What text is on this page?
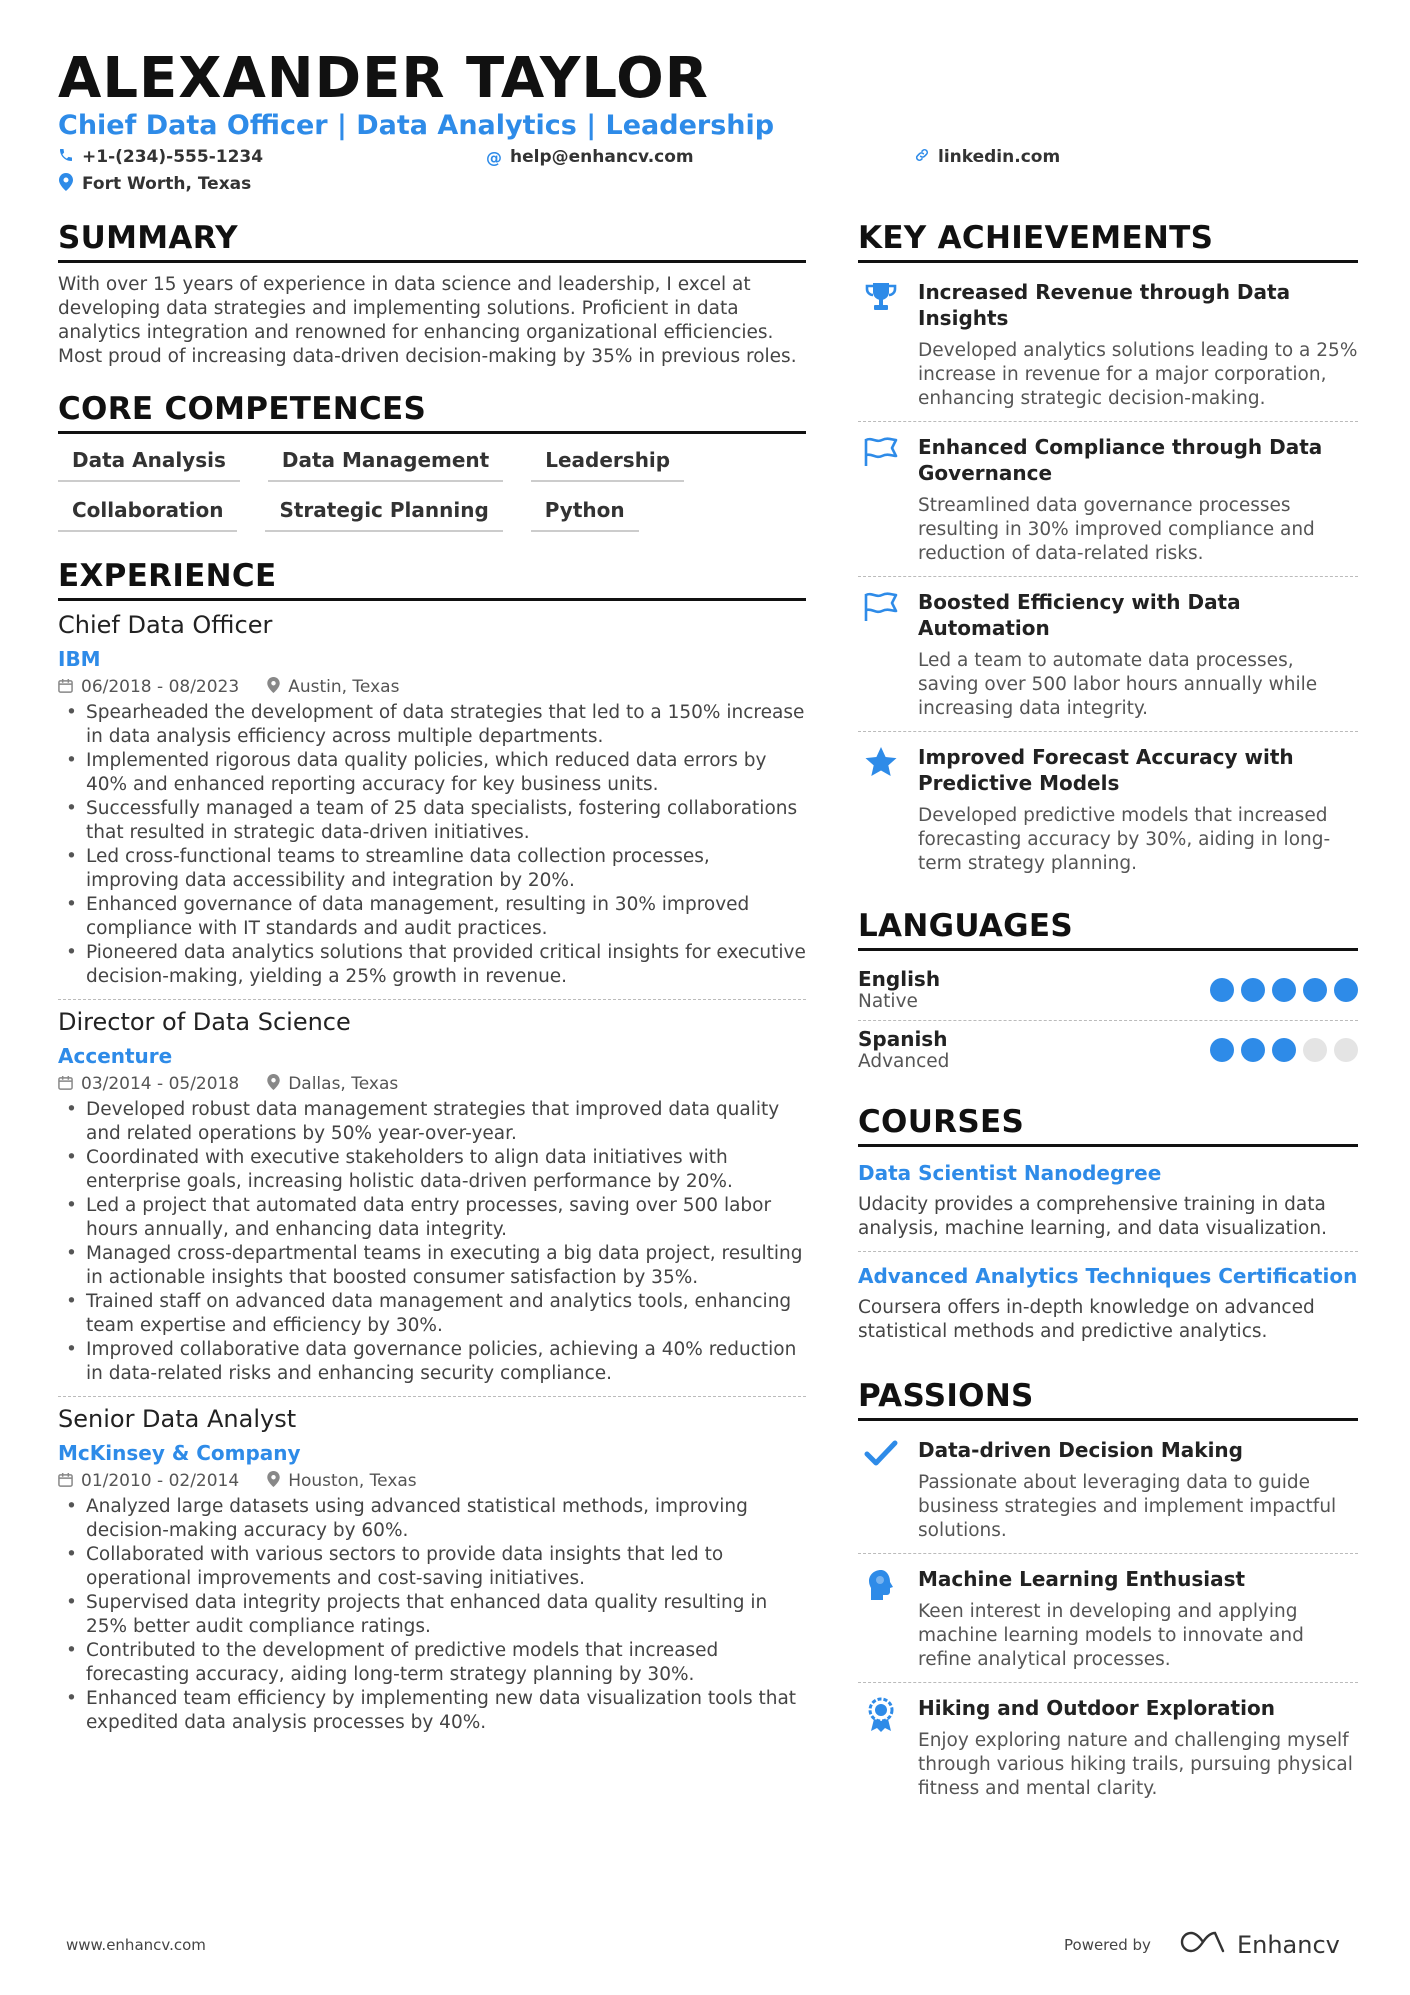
ALEXANDER TAYLOR
Chief Data Officer | Data Analytics | Leadership
+1-(234)-555-1234	@ help@enhancv.com	linkedin.com
Fort Worth, Texas
SUMMARY
With over 15 years of experience in data science and leadership, I excel at developing data strategies and implementing solutions. Proficient in data analytics integration and renowned for enhancing organizational efficiencies. Most proud of increasing data-driven decision-making by 35% in previous roles.
CORE COMPETENCES
Data Analysis	Data Management	Leadership
Collaboration	Strategic Planning	Python
EXPERIENCE
Chief Data Officer
IBM
06/2018 - 08/2023	Austin, Texas
• Spearheaded the development of data strategies that led to a 150% increase in data analysis efficiency across multiple departments.
• Implemented rigorous data quality policies, which reduced data errors by 40% and enhanced reporting accuracy for key business units.
• Successfully managed a team of 25 data specialists, fostering collaborations that resulted in strategic data-driven initiatives.
• Led cross-functional teams to streamline data collection processes, improving data accessibility and integration by 20%.
• Enhanced governance of data management, resulting in 30% improved compliance with IT standards and audit practices.
• Pioneered data analytics solutions that provided critical insights for executive decision-making, yielding a 25% growth in revenue.
Director of Data Science
Accenture
03/2014 - 05/2018	Dallas, Texas
• Developed robust data management strategies that improved data quality and related operations by 50% year-over-year.
• Coordinated with executive stakeholders to align data initiatives with enterprise goals, increasing holistic data-driven performance by 20%.
• Led a project that automated data entry processes, saving over 500 labor hours annually, and enhancing data integrity.
• Managed cross-departmental teams in executing a big data project, resulting in actionable insights that boosted consumer satisfaction by 35%.
• Trained staff on advanced data management and analytics tools, enhancing team expertise and efficiency by 30%.
• Improved collaborative data governance policies, achieving a 40% reduction in data-related risks and enhancing security compliance.
Senior Data Analyst
McKinsey & Company
01/2010 - 02/2014	Houston, Texas
• Analyzed large datasets using advanced statistical methods, improving decision-making accuracy by 60%.
• Collaborated with various sectors to provide data insights that led to operational improvements and cost-saving initiatives.
• Supervised data integrity projects that enhanced data quality resulting in 25% better audit compliance ratings.
• Contributed to the development of predictive models that increased forecasting accuracy, aiding long-term strategy planning by 30%.
• Enhanced team efficiency by implementing new data visualization tools that expedited data analysis processes by 40%.
KEY ACHIEVEMENTS
Increased Revenue through Data Insights
Developed analytics solutions leading to a 25% increase in revenue for a major corporation, enhancing strategic decision-making.
Enhanced Compliance through Data Governance
Streamlined data governance processes resulting in 30% improved compliance and reduction of data-related risks.
Boosted Efficiency with Data Automation
Led a team to automate data processes, saving over 500 labor hours annually while increasing data integrity.
Improved Forecast Accuracy with Predictive Models
Developed predictive models that increased forecasting accuracy by 30%, aiding in long-term strategy planning.
LANGUAGES
English
Native
Spanish
Advanced
COURSES
Data Scientist Nanodegree
Udacity provides a comprehensive training in data analysis, machine learning, and data visualization.
Advanced Analytics Techniques Certification
Coursera offers in-depth knowledge on advanced statistical methods and predictive analytics.
PASSIONS
Data-driven Decision Making
Passionate about leveraging data to guide business strategies and implement impactful solutions.
Machine Learning Enthusiast
Keen interest in developing and applying machine learning models to innovate and refine analytical processes.
Hiking and Outdoor Exploration
Enjoy exploring nature and challenging myself through various hiking trails, pursuing physical fitness and mental clarity.
www.enhancv.com	Powered by	Enhancv
